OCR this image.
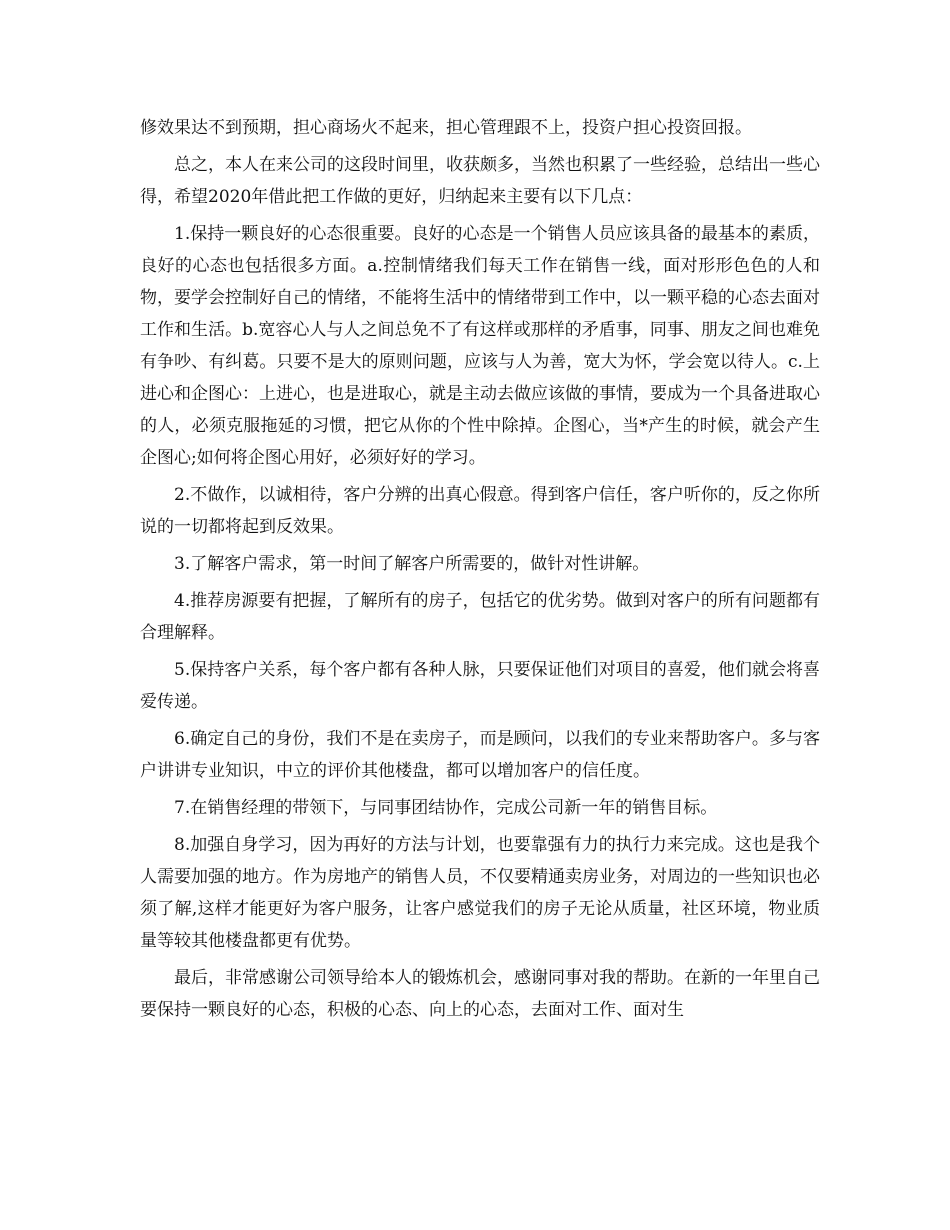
修效果达不到预期，担心商场火不起来，担心管理跟不上，投资户担心投资回报。

总之，本人在来公司的这段时间里，收获颇多，当然也积累了一些经验，总结出一些心得，希望2020年借此把工作做的更好，归纳起来主要有以下几点：

1.保持一颗良好的心态很重要。良好的心态是一个销售人员应该具备的最基本的素质，良好的心态也包括很多方面。a.控制情绪我们每天工作在销售一线，面对形形色色的人和物，要学会控制好自己的情绪，不能将生活中的情绪带到工作中，以一颗平稳的心态去面对工作和生活。b.宽容心人与人之间总免不了有这样或那样的矛盾事，同事、朋友之间也难免有争吵、有纠葛。只要不是大的原则问题，应该与人为善，宽大为怀，学会宽以待人。c.上进心和企图心：上进心，也是进取心，就是主动去做应该做的事情，要成为一个具备进取心的人，必须克服拖延的习惯，把它从你的个性中除掉。企图心，当*产生的时候，就会产生企图心;如何将企图心用好，必须好好的学习。

2.不做作，以诚相待，客户分辨的出真心假意。得到客户信任，客户听你的，反之你所说的一切都将起到反效果。

3.了解客户需求，第一时间了解客户所需要的，做针对性讲解。

4.推荐房源要有把握，了解所有的房子，包括它的优劣势。做到对客户的所有问题都有合理解释。

5.保持客户关系，每个客户都有各种人脉，只要保证他们对项目的喜爱，他们就会将喜爱传递。

6.确定自己的身份，我们不是在卖房子，而是顾问，以我们的专业来帮助客户。多与客户讲讲专业知识，中立的评价其他楼盘，都可以增加客户的信任度。

7.在销售经理的带领下，与同事团结协作，完成公司新一年的销售目标。

8.加强自身学习，因为再好的方法与计划，也要靠强有力的执行力来完成。这也是我个人需要加强的地方。作为房地产的销售人员，不仅要精通卖房业务，对周边的一些知识也必须了解,这样才能更好为客户服务，让客户感觉我们的房子无论从质量，社区环境，物业质量等较其他楼盘都更有优势。

最后，非常感谢公司领导给本人的锻炼机会，感谢同事对我的帮助。在新的一年里自己要保持一颗良好的心态，积极的心态、向上的心态，去面对工作、面对生
